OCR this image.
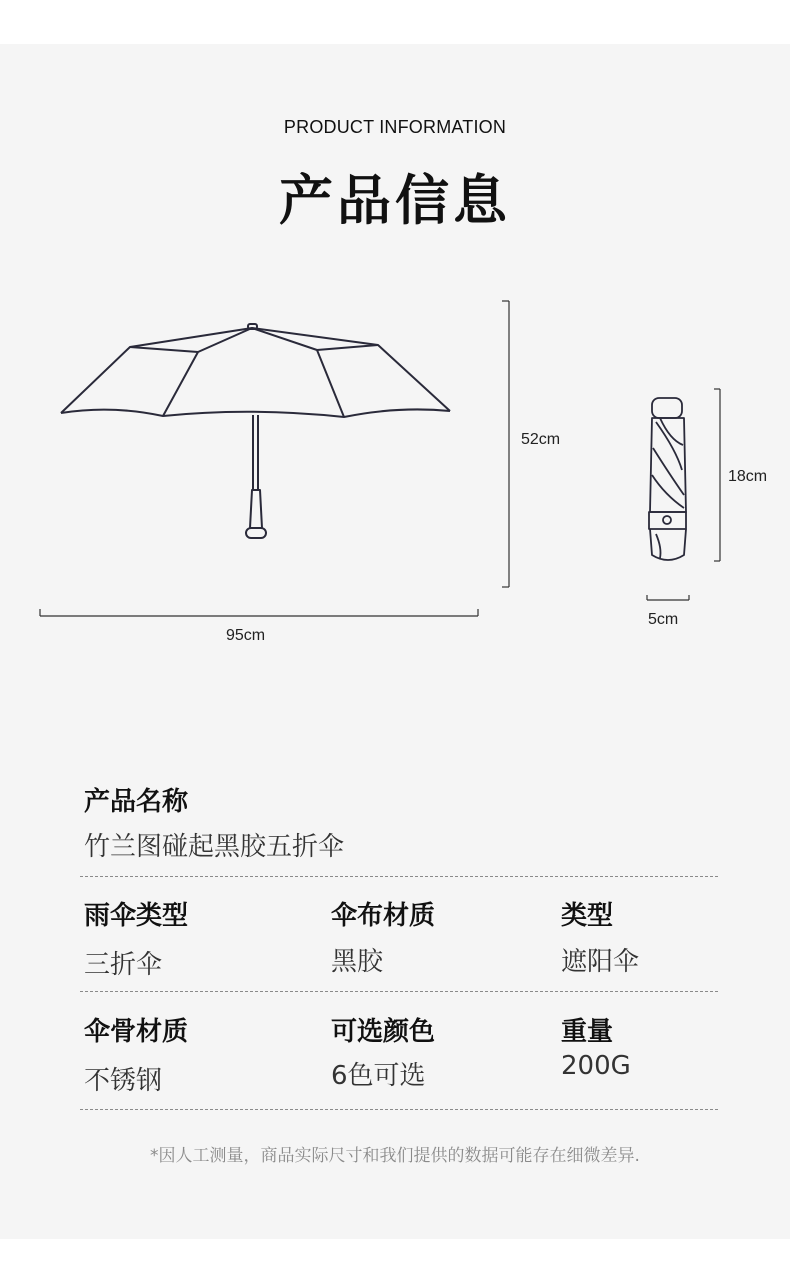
PRODUCT INFORMATION
产品信息
95cm
52cm
18cm
5cm
产品名称
竹兰图碰起黑胶五折伞
雨伞类型
三折伞
伞布材质
黑胶
类型
遮阳伞
伞骨材质
不锈钢
可选颜色
6色可选
重量
200G
*因人工测量，商品实际尺寸和我们提供的数据可能存在细微差异.
